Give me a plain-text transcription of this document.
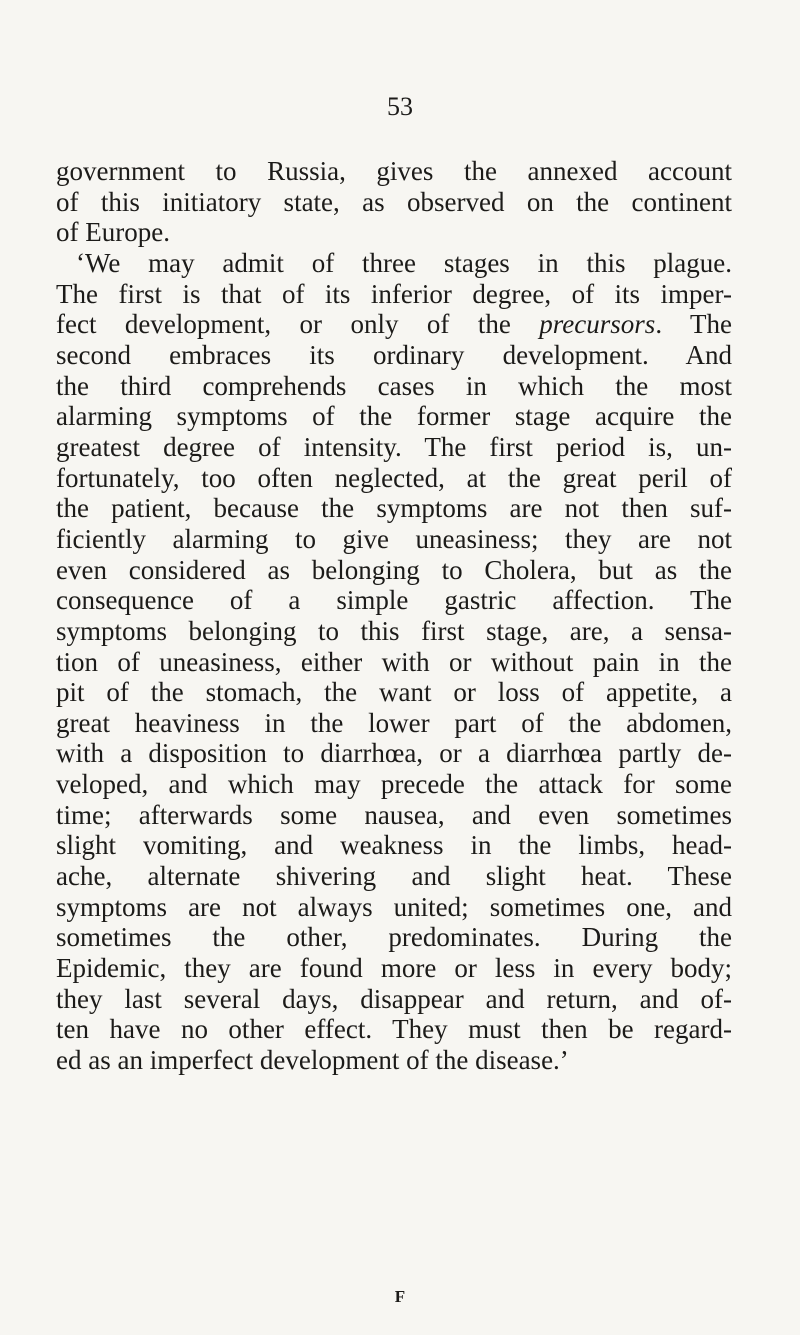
53
government to Russia, gives the annexed account
of this initiatory state, as observed on the continent
of Europe.
‘We may admit of three stages in this plague.
The first is that of its inferior degree, of its imper-
fect development, or only of the precursors. The
second embraces its ordinary development. And
the third comprehends cases in which the most
alarming symptoms of the former stage acquire the
greatest degree of intensity. The first period is, un-
fortunately, too often neglected, at the great peril of
the patient, because the symptoms are not then suf-
ficiently alarming to give uneasiness; they are not
even considered as belonging to Cholera, but as the
consequence of a simple gastric affection. The
symptoms belonging to this first stage, are, a sensa-
tion of uneasiness, either with or without pain in the
pit of the stomach, the want or loss of appetite, a
great heaviness in the lower part of the abdomen,
with a disposition to diarrhœa, or a diarrhœa partly de-
veloped, and which may precede the attack for some
time; afterwards some nausea, and even sometimes
slight vomiting, and weakness in the limbs, head-
ache, alternate shivering and slight heat. These
symptoms are not always united; sometimes one, and
sometimes the other, predominates. During the
Epidemic, they are found more or less in every body;
they last several days, disappear and return, and of-
ten have no other effect. They must then be regard-
ed as an imperfect development of the disease.’
F
